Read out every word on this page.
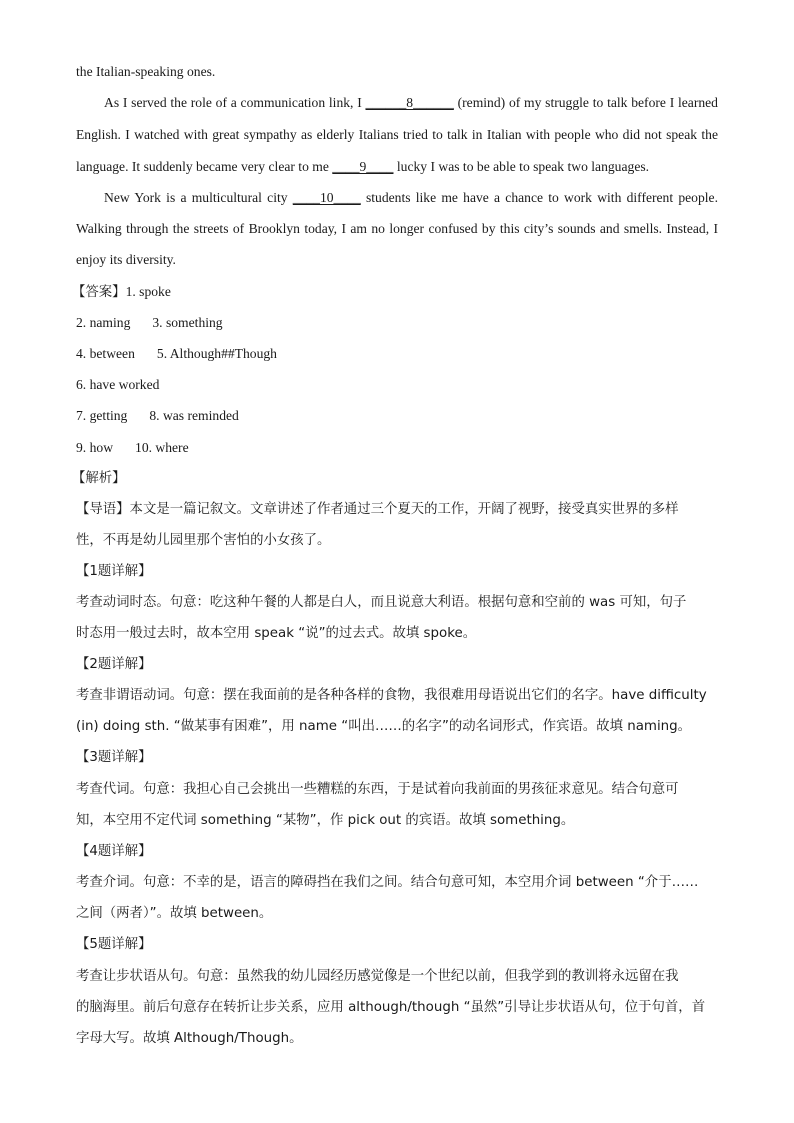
the Italian-speaking ones.
As I served the role of a communication link, I ______8______ (remind) of my struggle to talk before I learned
English. I watched with great sympathy as elderly Italians tried to talk in Italian with people who did not speak the
language. It suddenly became very clear to me ____9____ lucky I was to be able to speak two languages.
New York is a multicultural city ____10____ students like me have a chance to work with different people.
Walking through the streets of Brooklyn today, I am no longer confused by this city’s sounds and smells. Instead, I
enjoy its diversity.
【答案】1. spoke
2. naming 3. something
4. between 5. Although##Though
6. have worked
7. getting 8. was reminded
9. how 10. where
【解析】
【导语】本文是一篇记叙文。文章讲述了作者通过三个夏天的工作，开阔了视野，接受真实世界的多样
性，不再是幼儿园里那个害怕的小女孩了。
【1题详解】
考查动词时态。句意：吃这种午餐的人都是白人，而且说意大利语。根据句意和空前的 was 可知，句子
时态用一般过去时，故本空用 speak “说”的过去式。故填 spoke。
【2题详解】
考查非谓语动词。句意：摆在我面前的是各种各样的食物，我很难用母语说出它们的名字。have difficulty
(in) doing sth. “做某事有困难”，用 name “叫出……的名字”的动名词形式，作宾语。故填 naming。
【3题详解】
考查代词。句意：我担心自己会挑出一些糟糕的东西，于是试着向我前面的男孩征求意见。结合句意可
知，本空用不定代词 something “某物”，作 pick out 的宾语。故填 something。
【4题详解】
考查介词。句意：不幸的是，语言的障碍挡在我们之间。结合句意可知，本空用介词 between “介于……
之间（两者）”。故填 between。
【5题详解】
考查让步状语从句。句意：虽然我的幼儿园经历感觉像是一个世纪以前，但我学到的教训将永远留在我
的脑海里。前后句意存在转折让步关系，应用 although/though “虽然”引导让步状语从句，位于句首，首
字母大写。故填 Although/Though。
